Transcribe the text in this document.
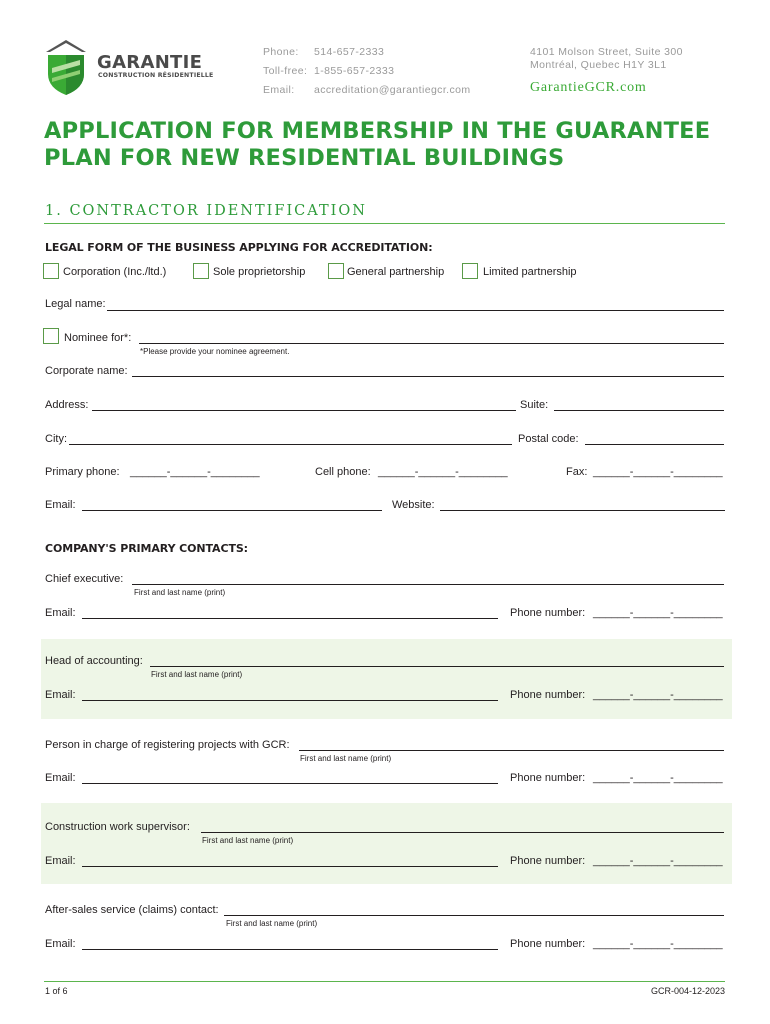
GARANTIE
CONSTRUCTION RÉSIDENTIELLE
Phone: 514-657-2333
Toll-free: 1-855-657-2333
Email: accreditation@garantiegcr.com
4101 Molson Street, Suite 300
Montréal, Quebec H1Y 3L1
GarantieGCR.com
APPLICATION FOR MEMBERSHIP IN THE GUARANTEE
PLAN FOR NEW RESIDENTIAL BUILDINGS
1. CONTRACTOR IDENTIFICATION
LEGAL FORM OF THE BUSINESS APPLYING FOR ACCREDITATION:
Corporation (Inc./ltd.)	Sole proprietorship	General partnership	Limited partnership
Legal name:
Nominee for*:
*Please provide your nominee agreement.
Corporate name:
Address:	Suite:
City:	Postal code:
Primary phone: ______-______-________	Cell phone: ______-______-________	Fax: ______-______-________
Email:	Website:
COMPANY'S PRIMARY CONTACTS:
Chief executive:
First and last name (print)
Email:	Phone number: ______-______-________
Head of accounting:
First and last name (print)
Email:	Phone number: ______-______-________
Person in charge of registering projects with GCR:
First and last name (print)
Email:	Phone number: ______-______-________
Construction work supervisor:
First and last name (print)
Email:	Phone number: ______-______-________
After-sales service (claims) contact:
First and last name (print)
Email:	Phone number: ______-______-________
1 of 6	GCR-004-12-2023
